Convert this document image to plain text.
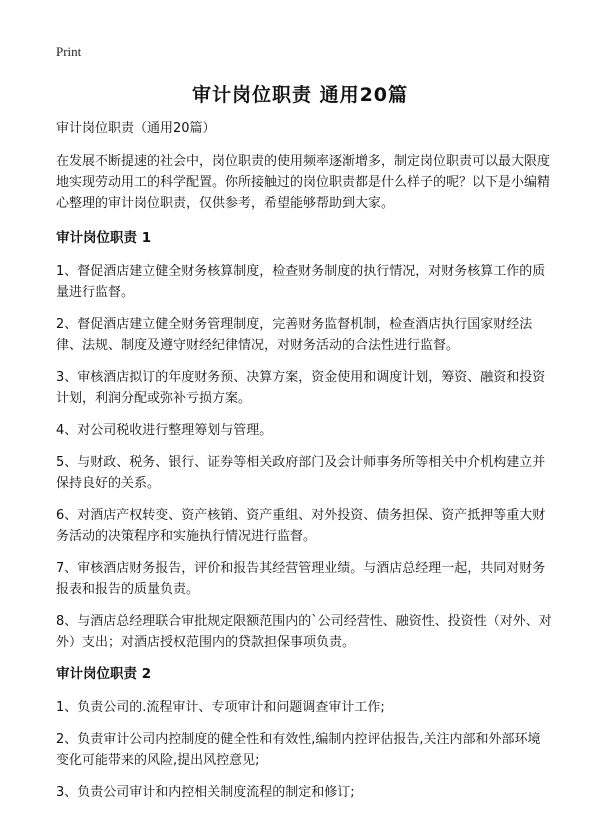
Print
审计岗位职责 通用20篇

审计岗位职责（通用20篇）

在发展不断提速的社会中，岗位职责的使用频率逐渐增多，制定岗位职责可以最大限度地实现劳动用工的科学配置。你所接触过的岗位职责都是什么样子的呢？以下是小编精心整理的审计岗位职责，仅供参考，希望能够帮助到大家。

审计岗位职责 1

1、督促酒店建立健全财务核算制度，检查财务制度的执行情况，对财务核算工作的质量进行监督。

2、督促酒店建立健全财务管理制度，完善财务监督机制，检查酒店执行国家财经法律、法规、制度及遵守财经纪律情况，对财务活动的合法性进行监督。

3、审核酒店拟订的年度财务预、决算方案，资金使用和调度计划，筹资、融资和投资计划，利润分配或弥补亏损方案。

4、对公司税收进行整理筹划与管理。

5、与财政、税务、银行、证券等相关政府部门及会计师事务所等相关中介机构建立并保持良好的关系。

6、对酒店产权转变、资产核销、资产重组、对外投资、债务担保、资产抵押等重大财务活动的决策程序和实施执行情况进行监督。

7、审核酒店财务报告，评价和报告其经营管理业绩。与酒店总经理一起，共同对财务报表和报告的质量负责。

8、与酒店总经理联合审批规定限额范围内的`公司经营性、融资性、投资性（对外、对外）支出；对酒店授权范围内的贷款担保事项负责。

审计岗位职责 2

1、负责公司的.流程审计、专项审计和问题调查审计工作;

2、负责审计公司内控制度的健全性和有效性,编制内控评估报告,关注内部和外部环境变化可能带来的风险,提出风控意见;

3、负责公司审计和内控相关制度流程的制定和修订;
